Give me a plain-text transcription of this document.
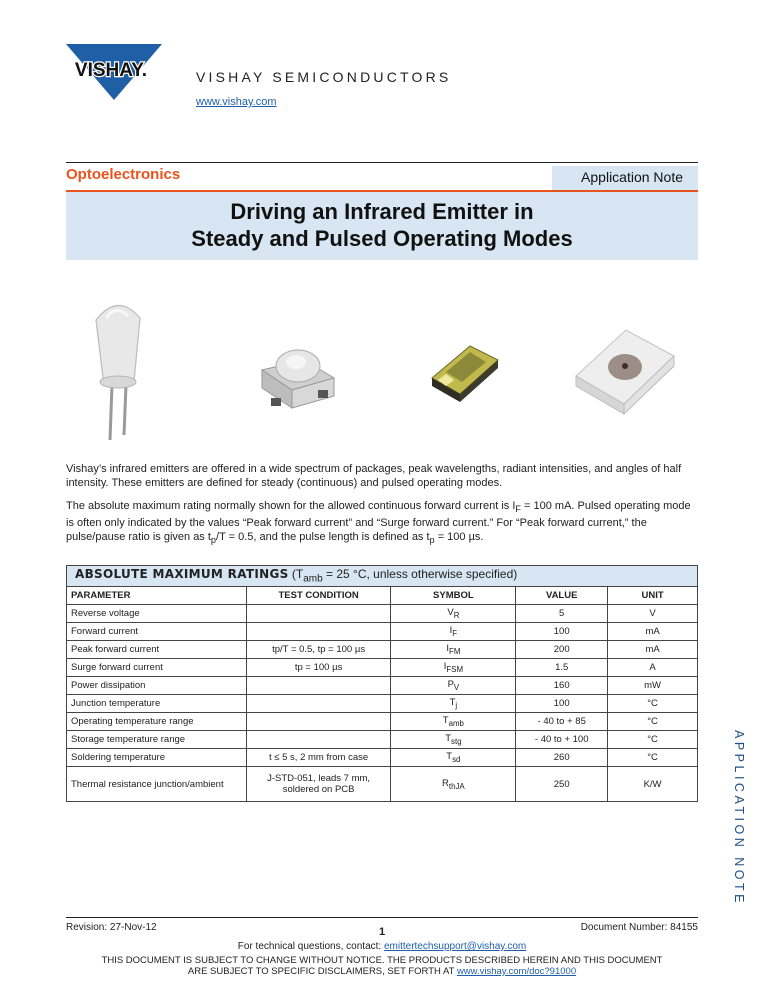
VISHAY.	VISHAY SEMICONDUCTORS
www.vishay.com
Application Note
Optoelectronics
Driving an Infrared Emitter in
Steady and Pulsed Operating Modes

Vishay’s infrared emitters are offered in a wide spectrum of packages, peak wavelengths, radiant intensities, and angles of half intensity. These emitters are defined for steady (continuous) and pulsed operating modes.

The absolute maximum rating normally shown for the allowed continuous forward current is $I_F = 100$ mA. Pulsed operating mode is often only indicated by the values “Peak forward current” and “Surge forward current.” For “Peak forward current,” the pulse/pause ratio is given as $t_p/T = 0.5$, and the pulse length is defined as $t_p = 100$ µs.

ABSOLUTE MAXIMUM RATINGS ($T_{amb} = 25$ °C, unless otherwise specified)				
PARAMETER	TEST CONDITION	SYMBOL	VALUE	UNIT
Reverse voltage		$V_R$	5	V
Forward current		$I_F$	100	mA
Peak forward current	tp/T = 0.5, tp = 100 µs	$I_{FM}$	200	mA
Surge forward current	tp = 100 µs	$I_{FSM}$	1.5	A
Power dissipation		$P_V$	160	mW
Junction temperature		$T_j$	100	°C
Operating temperature range		$T_{amb}$	- 40 to + 85	°C
Storage temperature range		$T_{stg}$	- 40 to + 100	°C
Soldering temperature	t ≤ 5 s, 2 mm from case	$T_{sd}$	260	°C
Thermal resistance junction/ambient	J-STD-051, leads 7 mm, soldered on PCB	$R_{thJA}$	250	K/W	APPLICATION NOTE
Revision: 27-Nov-12	1	Document Number: 84155
For technical questions, contact: emittertechsupport@vishay.com
THIS DOCUMENT IS SUBJECT TO CHANGE WITHOUT NOTICE. THE PRODUCTS DESCRIBED HEREIN AND THIS DOCUMENT
ARE SUBJECT TO SPECIFIC DISCLAIMERS, SET FORTH AT www.vishay.com/doc?91000
